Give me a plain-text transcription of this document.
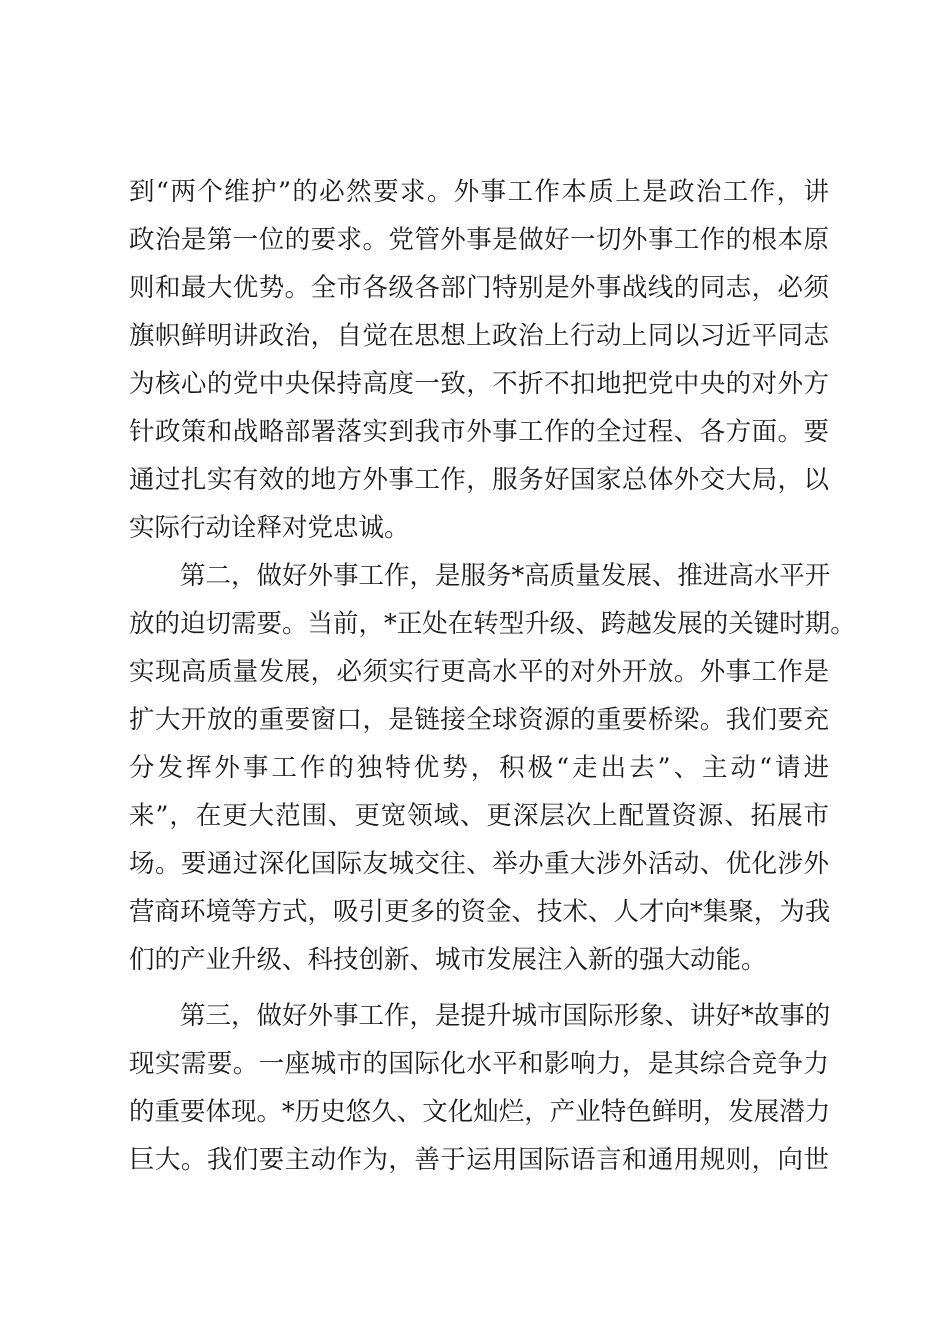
到“两个维护”的必然要求。外事工作本质上是政治工作，讲
政治是第一位的要求。党管外事是做好一切外事工作的根本原
则和最大优势。全市各级各部门特别是外事战线的同志，必须
旗帜鲜明讲政治，自觉在思想上政治上行动上同以习近平同志
为核心的党中央保持高度一致，不折不扣地把党中央的对外方
针政策和战略部署落实到我市外事工作的全过程、各方面。要
通过扎实有效的地方外事工作，服务好国家总体外交大局，以
实际行动诠释对党忠诚。
第二，做好外事工作，是服务*高质量发展、推进高水平开
放的迫切需要。当前，*正处在转型升级、跨越发展的关键时期。
实现高质量发展，必须实行更高水平的对外开放。外事工作是
扩大开放的重要窗口，是链接全球资源的重要桥梁。我们要充
分发挥外事工作的独特优势，积极“走出去”、主动“请进
来”，在更大范围、更宽领域、更深层次上配置资源、拓展市
场。要通过深化国际友城交往、举办重大涉外活动、优化涉外
营商环境等方式，吸引更多的资金、技术、人才向*集聚，为我
们的产业升级、科技创新、城市发展注入新的强大动能。
第三，做好外事工作，是提升城市国际形象、讲好*故事的
现实需要。一座城市的国际化水平和影响力，是其综合竞争力
的重要体现。*历史悠久、文化灿烂，产业特色鲜明，发展潜力
巨大。我们要主动作为，善于运用国际语言和通用规则，向世
